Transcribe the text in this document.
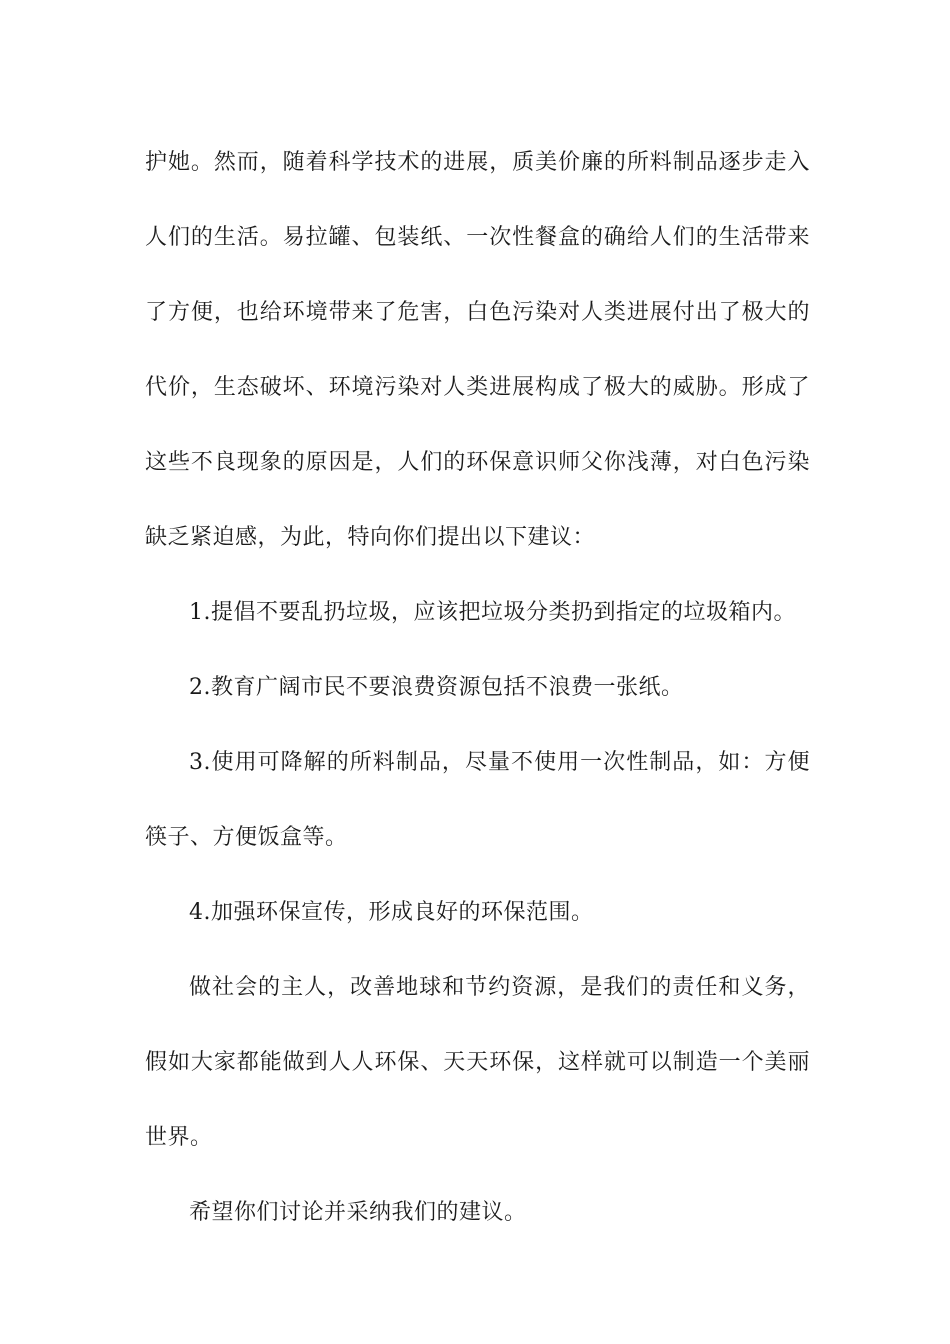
护她。然而，随着科学技术的进展，质美价廉的所料制品逐步走入人们的生活。易拉罐、包装纸、一次性餐盒的确给人们的生活带来了方便，也给环境带来了危害，白色污染对人类进展付出了极大的代价，生态破坏、环境污染对人类进展构成了极大的威胁。形成了这些不良现象的原因是，人们的环保意识师父你浅薄，对白色污染缺乏紧迫感，为此，特向你们提出以下建议：

1.提倡不要乱扔垃圾，应该把垃圾分类扔到指定的垃圾箱内。

2.教育广阔市民不要浪费资源包括不浪费一张纸。

3.使用可降解的所料制品，尽量不使用一次性制品，如：方便筷子、方便饭盒等。

4.加强环保宣传，形成良好的环保范围。

做社会的主人，改善地球和节约资源，是我们的责任和义务，假如大家都能做到人人环保、天天环保，这样就可以制造一个美丽世界。

希望你们讨论并采纳我们的建议。
